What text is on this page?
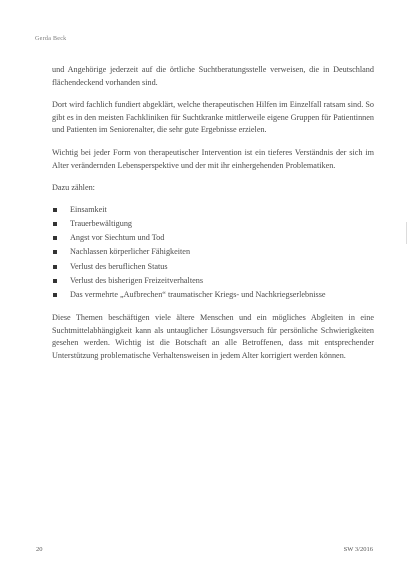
Gerda Beck

und Angehörige jederzeit auf die örtliche Suchtberatungsstelle verweisen, die in Deutschland flächendeckend vorhanden sind.

Dort wird fachlich fundiert abgeklärt, welche therapeutischen Hilfen im Einzelfall ratsam sind. So gibt es in den meisten Fachkliniken für Suchtkranke mittlerweile eigene Gruppen für Patientinnen und Patienten im Seniorenalter, die sehr gute Ergebnisse erzielen.

Wichtig bei jeder Form von therapeutischer Intervention ist ein tieferes Verständnis der sich im Alter verändernden Lebensperspektive und der mit ihr einhergehenden Problematiken.

Dazu zählen:

Einsamkeit
Trauerbewältigung
Angst vor Siechtum und Tod
Nachlassen körperlicher Fähigkeiten
Verlust des beruflichen Status
Verlust des bisherigen Freizeitverhaltens
Das vermehrte „Aufbrechen“ traumatischer Kriegs- und Nachkriegserlebnisse

Diese Themen beschäftigen viele ältere Menschen und ein mögliches Abgleiten in eine Suchtmittelabhängigkeit kann als untauglicher Lösungsversuch für persönliche Schwierigkeiten gesehen werden. Wichtig ist die Botschaft an alle Betroffenen, dass mit entsprechender Unterstützung problematische Verhaltensweisen in jedem Alter korrigiert werden können.

20	SW 3/2016
